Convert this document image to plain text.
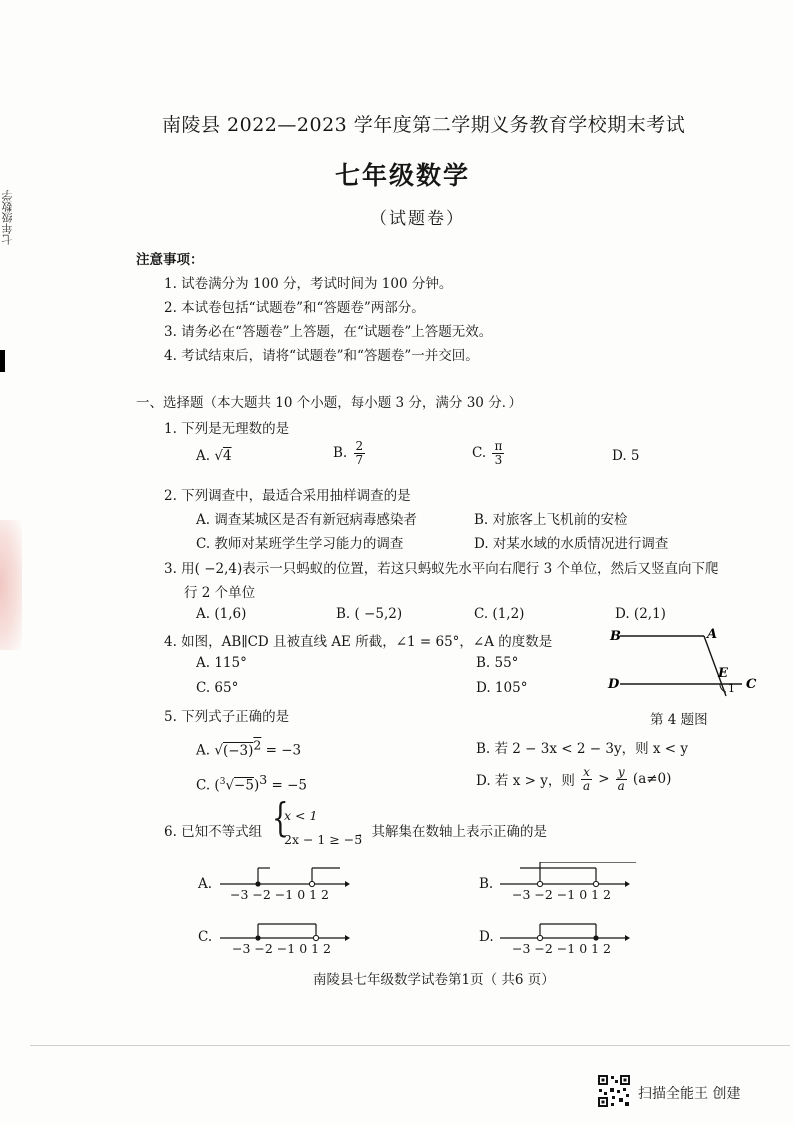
七年级数学
南陵县 2022—2023 学年度第二学期义务教育学校期末考试
七年级数学
（试题卷）
注意事项：
1. 试卷满分为 100 分，考试时间为 100 分钟。
2. 本试卷包括“试题卷”和“答题卷”两部分。
3. 请务必在“答题卷”上答题，在“试题卷”上答题无效。
4. 考试结束后，请将“试题卷”和“答题卷”一并交回。
一、选择题（本大题共 10 个小题，每小题 3 分，满分 30 分．）
1. 下列是无理数的是
A. √4	B. $\frac{2}{7}$	C. $\frac{\pi}{3}$	D. 5
2. 下列调查中，最适合采用抽样调查的是
A. 调查某城区是否有新冠病毒感染者	B. 对旅客上飞机前的安检
C. 教师对某班学生学习能力的调查	D. 对某水域的水质情况进行调查
3. 用( −2,4)表示一只蚂蚁的位置，若这只蚂蚁先水平向右爬行 3 个单位，然后又竖直向下爬
行 2 个单位
A. (1,6)	B. ( −5,2)	C. (1,2)	D. (2,1)
4. 如图，AB∥CD 且被直线 AE 所截，∠1 = 65°，∠A 的度数是
A. 115°	B. 55°
C. 65°	D. 105°
B	A
E
D	C
1
第 4 题图
5. 下列式子正确的是
A. $√(-3)^2 = -3$	B. 若 2 − 3x < 2 − 3y，则 x < y
C. $(^3√-5)^3 = -5$	D. 若 x > y，则 $\frac{x}{a} > \frac{y}{a} (a\ne 0)$
6. 已知不等式组 {
x < 1
2x − 1 ≥ −5
，其解集在数轴上表示正确的是
A.
−3 −2 −1 0 1 2
B.
−3 −2 −1 0 1 2
C.
−3 −2 −1 0 1 2
D.
−3 −2 −1 0 1 2
南陵县七年级数学试卷第1页（ 共6 页）
扫描全能王 创建
